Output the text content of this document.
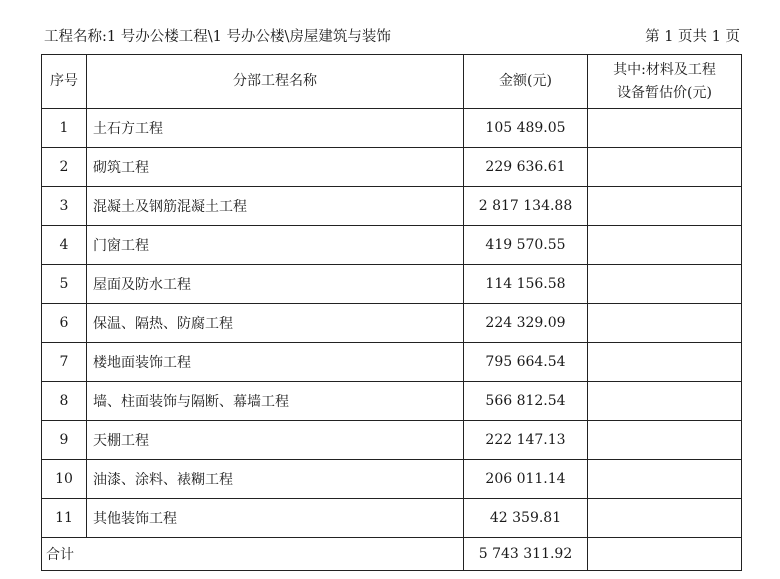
工程名称:1 号办公楼工程\1 号办公楼\房屋建筑与装饰	第 1 页共 1 页
序号	分部工程名称	金额(元)	其中:材料及工程
设备暂估价(元)

1	土石方工程	105 489.05	
2	砌筑工程	229 636.61	
3	混凝土及钢筋混凝土工程	2 817 134.88	
4	门窗工程	419 570.55	
5	屋面及防水工程	114 156.58	
6	保温、隔热、防腐工程	224 329.09	
7	楼地面装饰工程	795 664.54	
8	墙、柱面装饰与隔断、幕墙工程	566 812.54	
9	天棚工程	222 147.13	
10	油漆、涂料、裱糊工程	206 011.14	
11	其他装饰工程	42 359.81	
合计		5 743 311.92	
